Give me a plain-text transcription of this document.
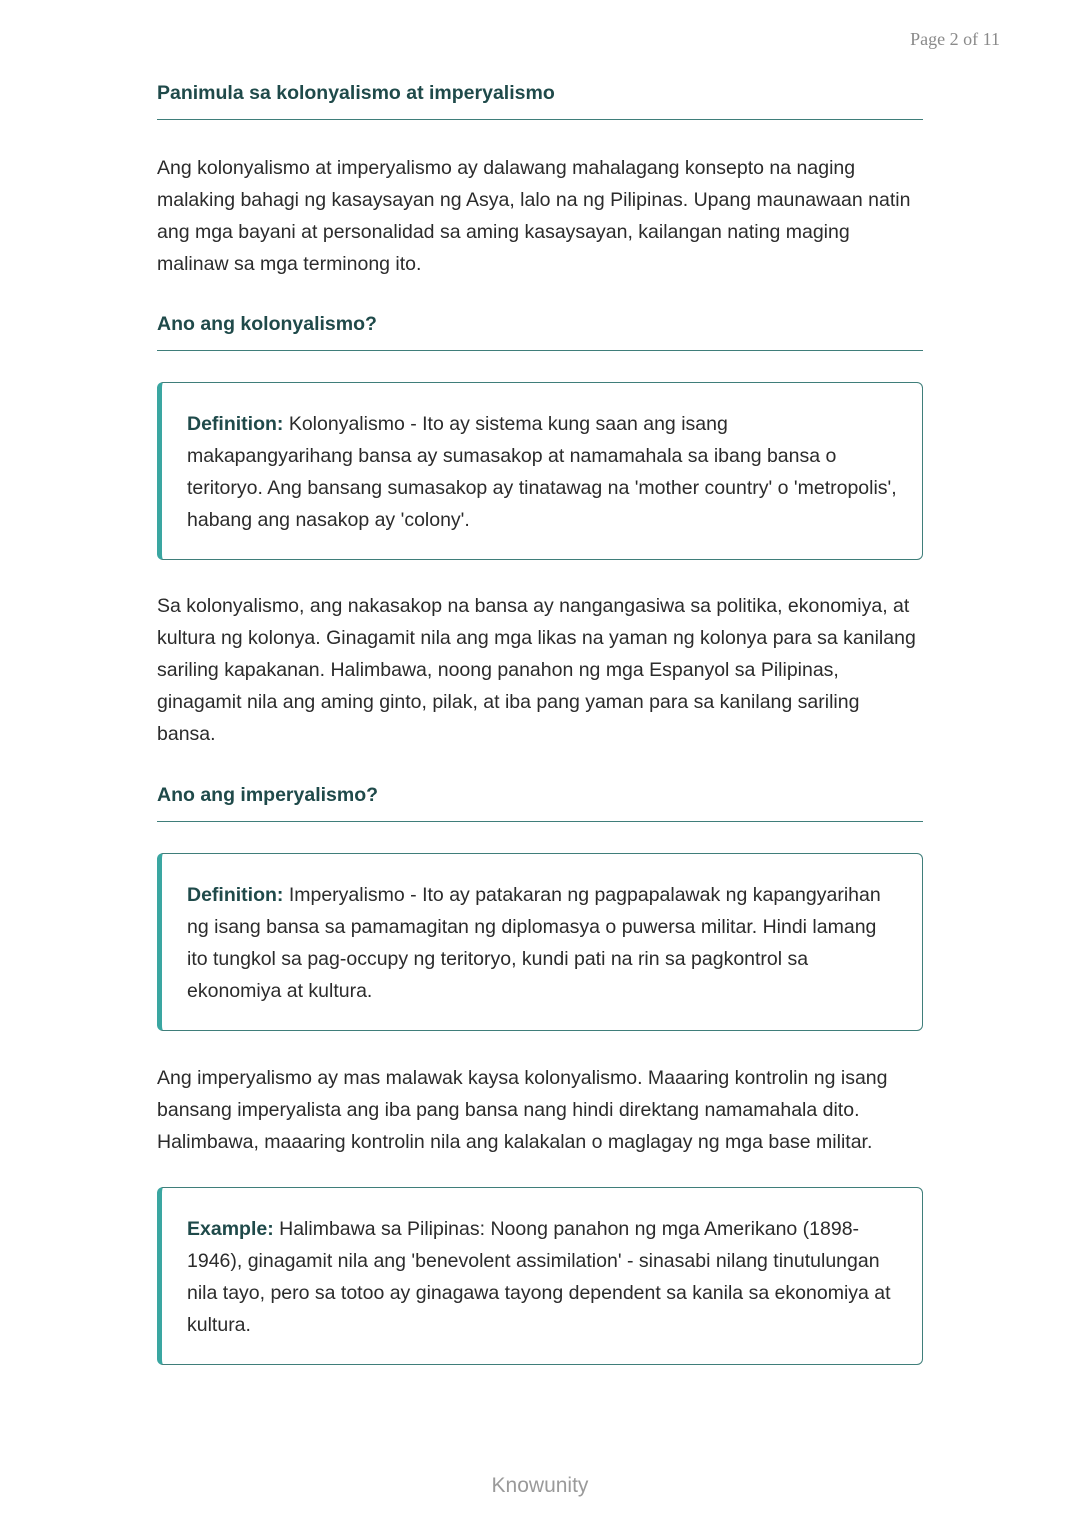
Page 2 of 11
Panimula sa kolonyalismo at imperyalismo

Ang kolonyalismo at imperyalismo ay dalawang mahalagang konsepto na naging malaking bahagi ng kasaysayan ng Asya, lalo na ng Pilipinas. Upang maunawaan natin ang mga bayani at personalidad sa aming kasaysayan, kailangan nating maging malinaw sa mga terminong ito.

Ano ang kolonyalismo?
Definition: Kolonyalismo - Ito ay sistema kung saan ang isang makapangyarihang bansa ay sumasakop at namamahala sa ibang bansa o teritoryo. Ang bansang sumasakop ay tinatawag na 'mother country' o 'metropolis', habang ang nasakop ay 'colony'.

Sa kolonyalismo, ang nakasakop na bansa ay nangangasiwa sa politika, ekonomiya, at kultura ng kolonya. Ginagamit nila ang mga likas na yaman ng kolonya para sa kanilang sariling kapakanan. Halimbawa, noong panahon ng mga Espanyol sa Pilipinas, ginagamit nila ang aming ginto, pilak, at iba pang yaman para sa kanilang sariling bansa.

Ano ang imperyalismo?
Definition: Imperyalismo - Ito ay patakaran ng pagpapalawak ng kapangyarihan ng isang bansa sa pamamagitan ng diplomasya o puwersa militar. Hindi lamang ito tungkol sa pag-occupy ng teritoryo, kundi pati na rin sa pagkontrol sa ekonomiya at kultura.

Ang imperyalismo ay mas malawak kaysa kolonyalismo. Maaaring kontrolin ng isang bansang imperyalista ang iba pang bansa nang hindi direktang namamahala dito. Halimbawa, maaaring kontrolin nila ang kalakalan o maglagay ng mga base militar.

Example: Halimbawa sa Pilipinas: Noong panahon ng mga Amerikano (1898-1946), ginagamit nila ang 'benevolent assimilation' - sinasabi nilang tinutulungan nila tayo, pero sa totoo ay ginagawa tayong dependent sa kanila sa ekonomiya at kultura.
Knowunity
